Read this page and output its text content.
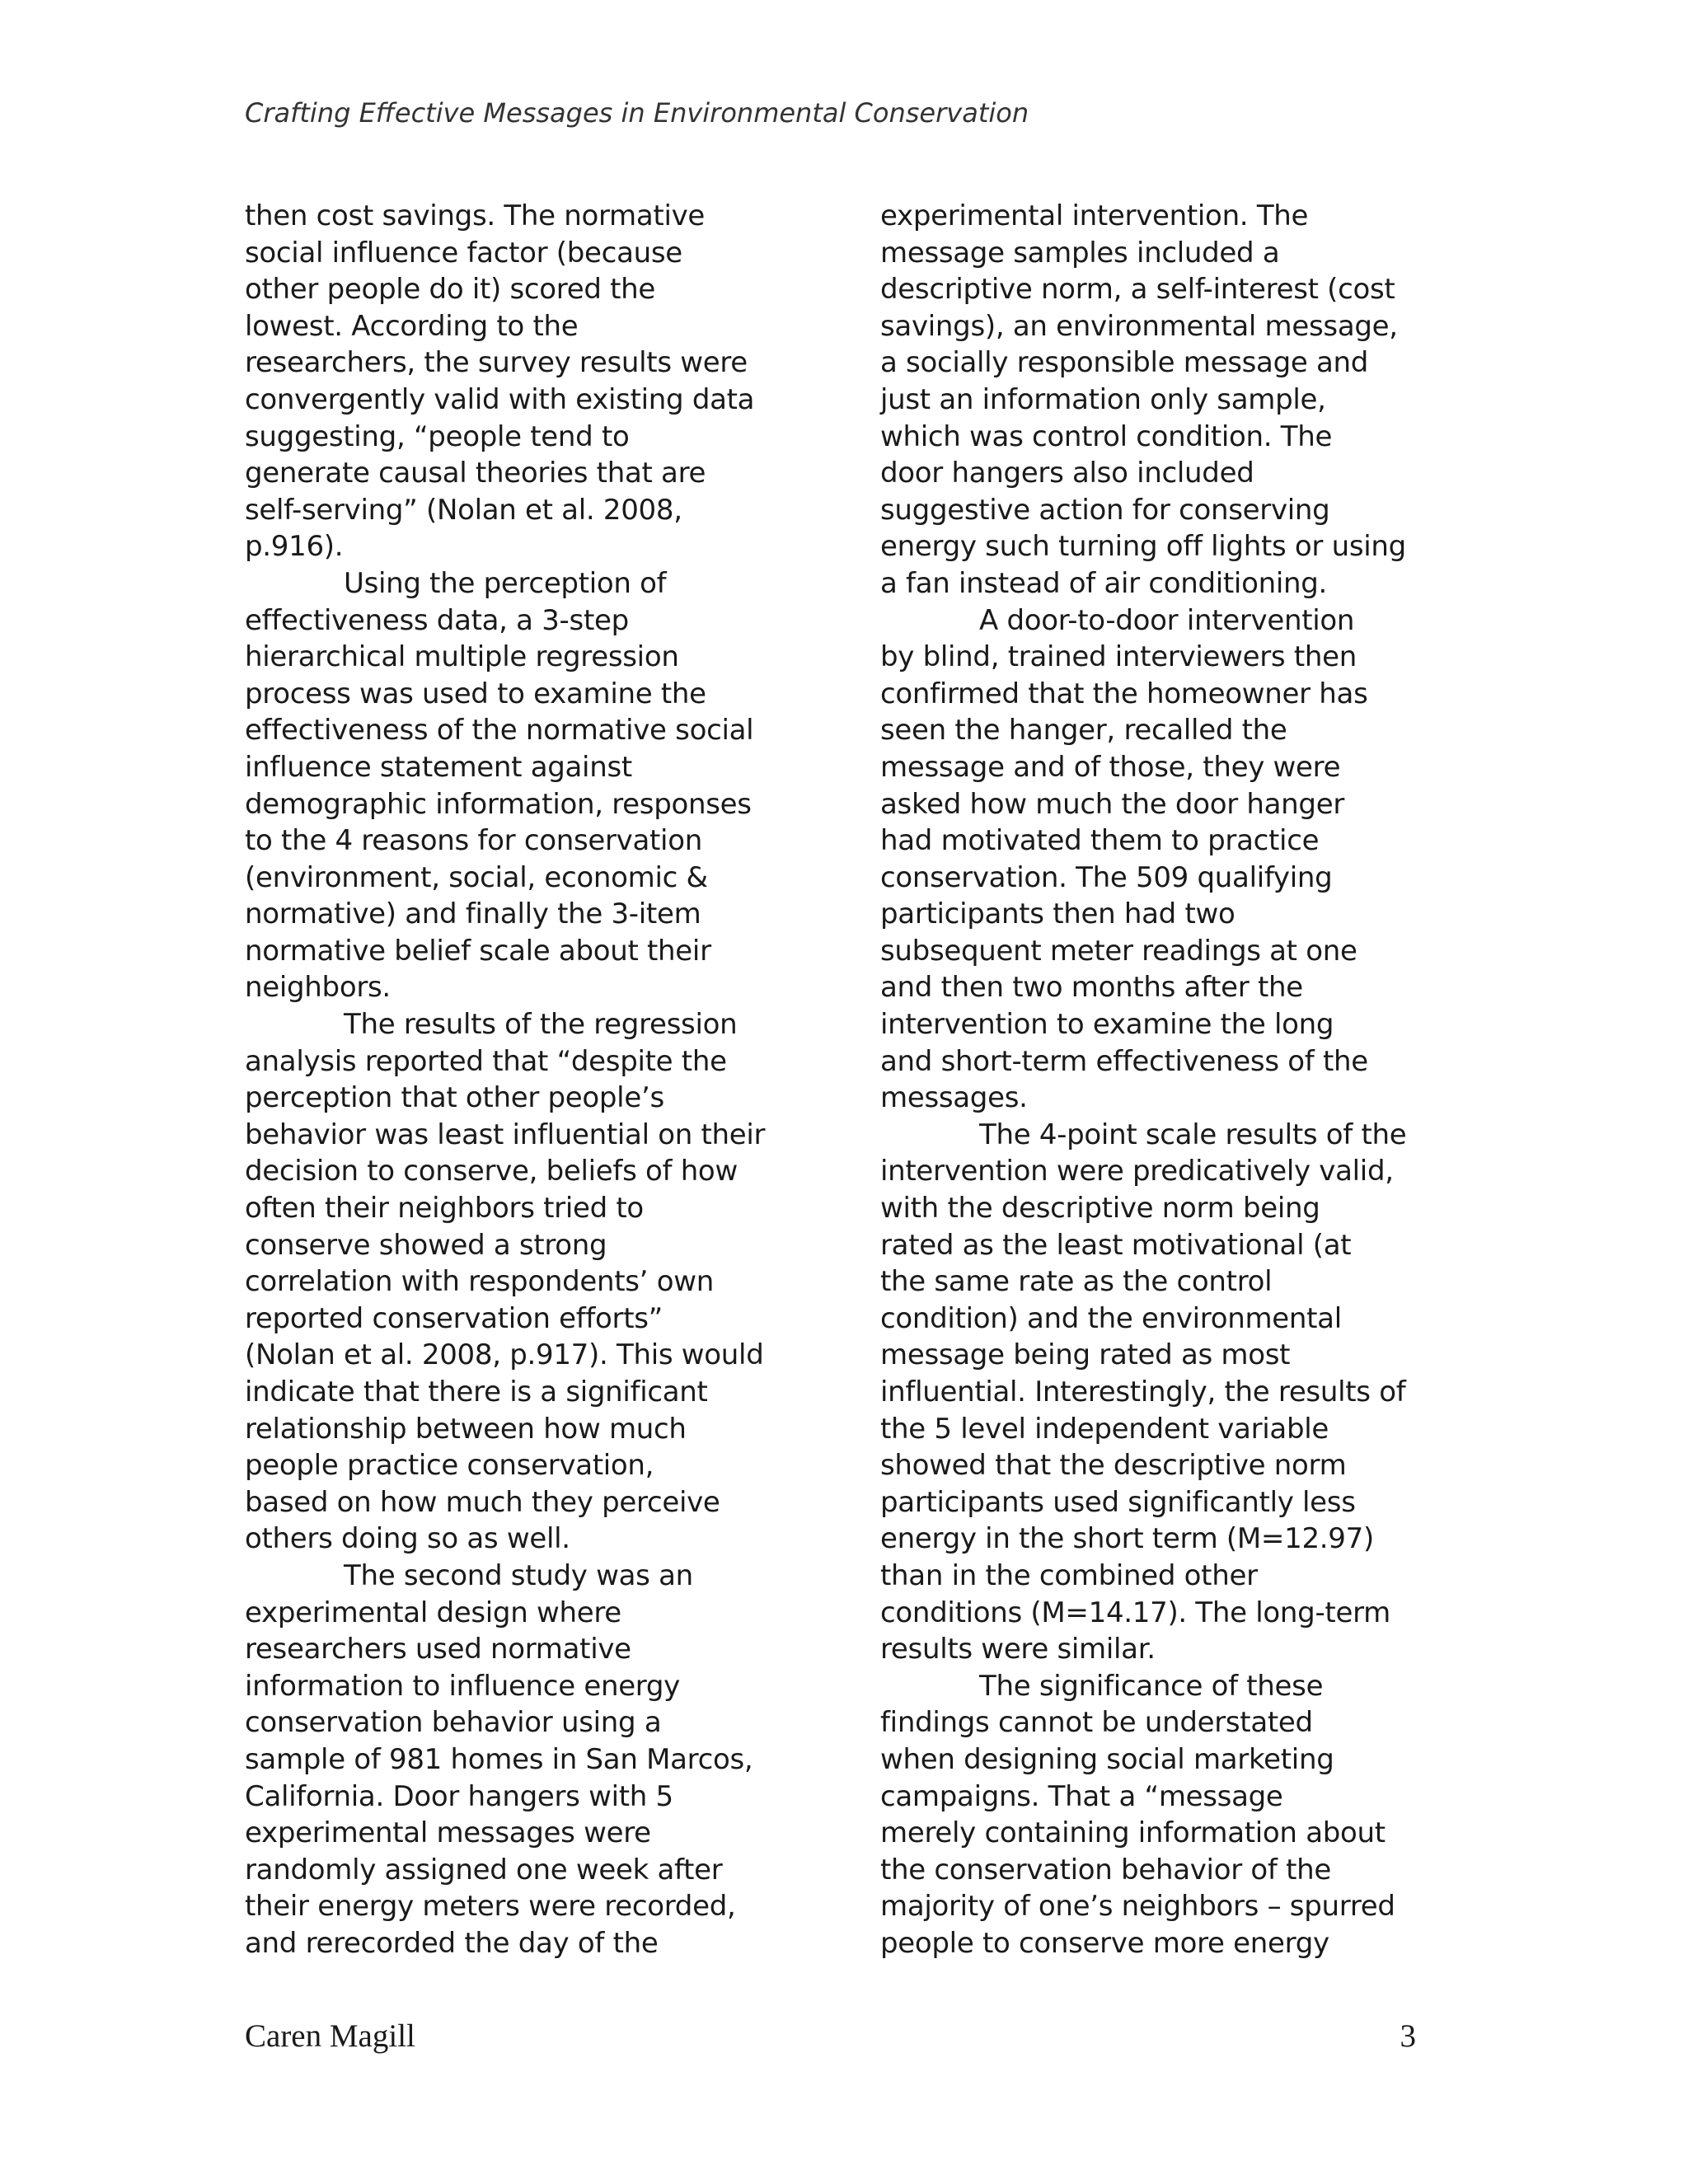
Crafting Effective Messages in Environmental Conservation
then cost savings. The normative
social influence factor (because
other people do it) scored the
lowest. According to the
researchers, the survey results were
convergently valid with existing data
suggesting, “people tend to
generate causal theories that are
self-serving” (Nolan et al. 2008,
p.916).
Using the perception of
effectiveness data, a 3-step
hierarchical multiple regression
process was used to examine the
effectiveness of the normative social
influence statement against
demographic information, responses
to the 4 reasons for conservation
(environment, social, economic &
normative) and finally the 3-item
normative belief scale about their
neighbors.
The results of the regression
analysis reported that “despite the
perception that other people’s
behavior was least influential on their
decision to conserve, beliefs of how
often their neighbors tried to
conserve showed a strong
correlation with respondents’ own
reported conservation efforts”
(Nolan et al. 2008, p.917). This would
indicate that there is a significant
relationship between how much
people practice conservation,
based on how much they perceive
others doing so as well.
The second study was an
experimental design where
researchers used normative
information to influence energy
conservation behavior using a
sample of 981 homes in San Marcos,
California. Door hangers with 5
experimental messages were
randomly assigned one week after
their energy meters were recorded,
and rerecorded the day of the
experimental intervention. The
message samples included a
descriptive norm, a self-interest (cost
savings), an environmental message,
a socially responsible message and
just an information only sample,
which was control condition. The
door hangers also included
suggestive action for conserving
energy such turning off lights or using
a fan instead of air conditioning.
A door-to-door intervention
by blind, trained interviewers then
confirmed that the homeowner has
seen the hanger, recalled the
message and of those, they were
asked how much the door hanger
had motivated them to practice
conservation. The 509 qualifying
participants then had two
subsequent meter readings at one
and then two months after the
intervention to examine the long
and short-term effectiveness of the
messages.
The 4-point scale results of the
intervention were predicatively valid,
with the descriptive norm being
rated as the least motivational (at
the same rate as the control
condition) and the environmental
message being rated as most
influential. Interestingly, the results of
the 5 level independent variable
showed that the descriptive norm
participants used significantly less
energy in the short term (M=12.97)
than in the combined other
conditions (M=14.17). The long-term
results were similar.
The significance of these
findings cannot be understated
when designing social marketing
campaigns. That a “message
merely containing information about
the conservation behavior of the
majority of one’s neighbors – spurred
people to conserve more energy
Caren Magill	3
